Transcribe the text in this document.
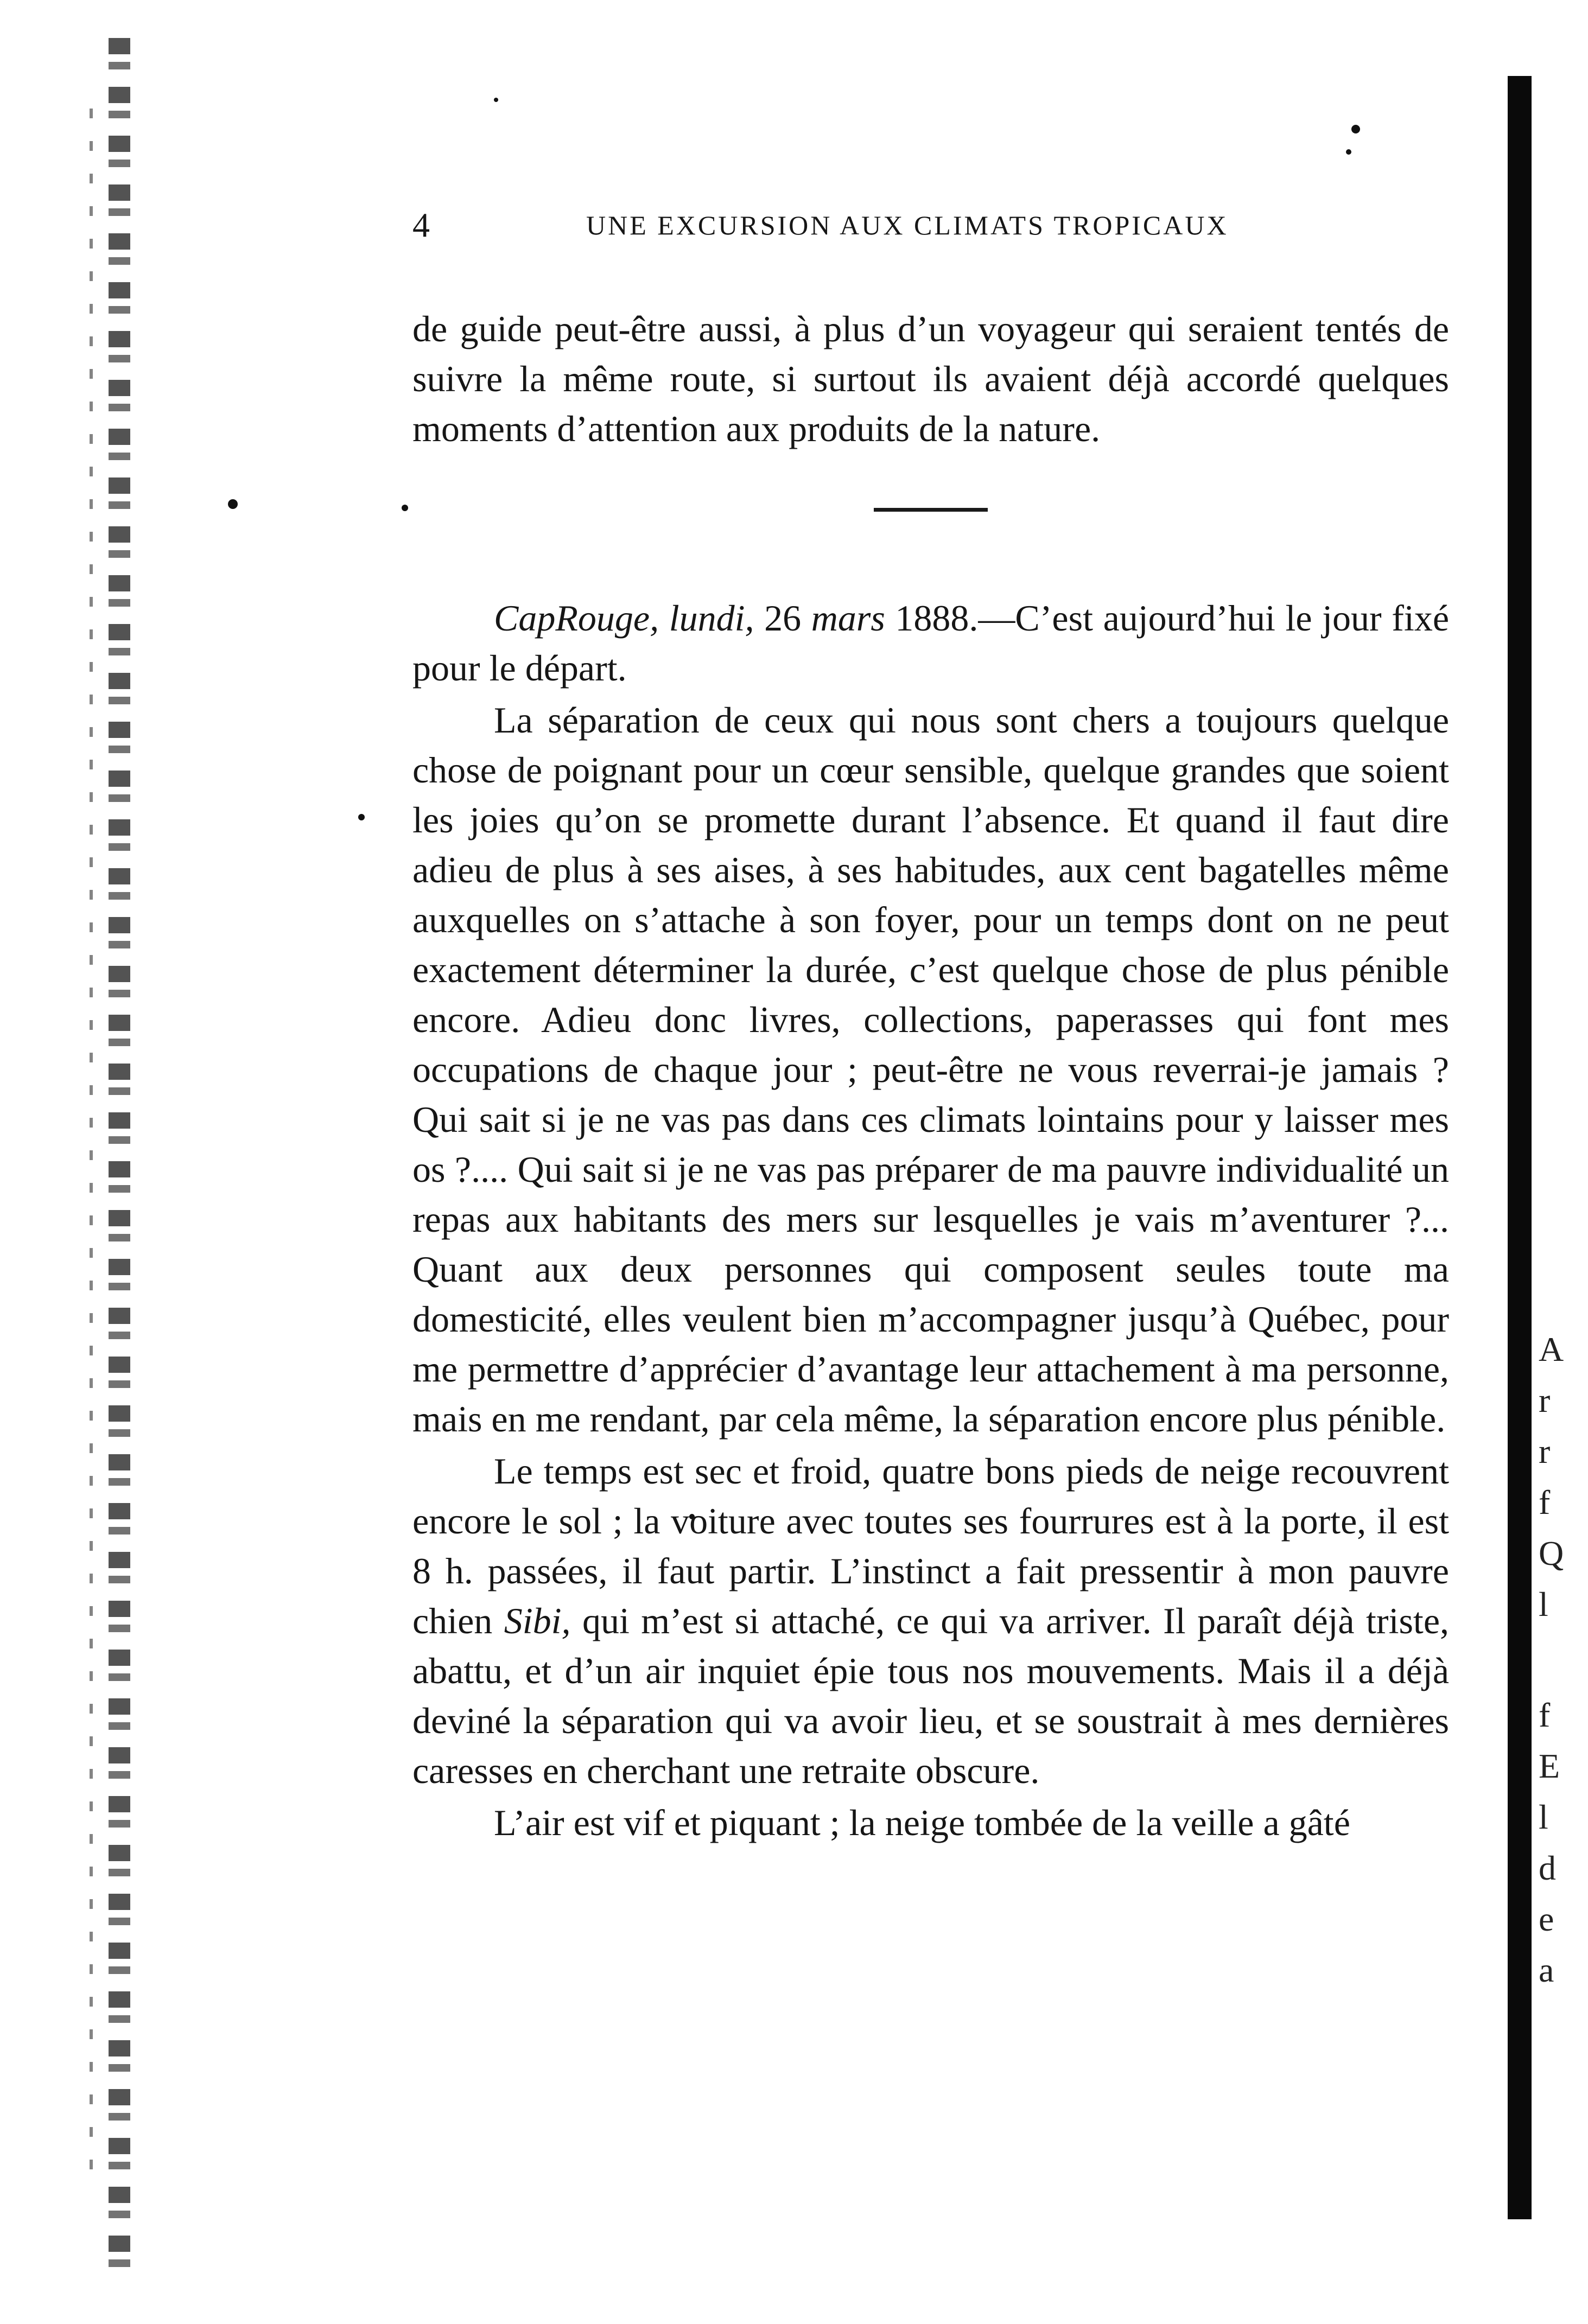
A
r
r
f
Q
l
f
E
l
d
e
a
4	UNE EXCURSION AUX CLIMATS TROPICAUX

de guide peut-être aussi, à plus d’un voyageur qui seraient tentés de suivre la même route, si surtout ils avaient déjà accordé quelques moments d’attention aux produits de la nature.

CapRouge, lundi, 26 mars 1888.—C’est aujourd’hui le jour fixé pour le départ.

La séparation de ceux qui nous sont chers a toujours quelque chose de poignant pour un cœur sensible, quelque grandes que soient les joies qu’on se promette durant l’absence. Et quand il faut dire adieu de plus à ses aises, à ses habitudes, aux cent bagatelles même auxquelles on s’attache à son foyer, pour un temps dont on ne peut exactement déterminer la durée, c’est quelque chose de plus pénible encore. Adieu donc livres, collections, paperasses qui font mes occupations de chaque jour ; peut-être ne vous reverrai-je jamais ? Qui sait si je ne vas pas dans ces climats lointains pour y laisser mes os ?.... Qui sait si je ne vas pas préparer de ma pauvre individualité un repas aux habitants des mers sur lesquelles je vais m’aventurer ?... Quant aux deux personnes qui composent seules toute ma domesticité, elles veulent bien m’accompagner jusqu’à Québec, pour me permettre d’apprécier d’avantage leur attachement à ma personne, mais en me rendant, par cela même, la séparation encore plus pénible.

Le temps est sec et froid, quatre bons pieds de neige recouvrent encore le sol ; la voiture avec toutes ses fourrures est à la porte, il est 8 h. passées, il faut partir. L’instinct a fait pressentir à mon pauvre chien Sibi, qui m’est si attaché, ce qui va arriver. Il paraît déjà triste, abattu, et d’un air inquiet épie tous nos mouvements. Mais il a déjà deviné la séparation qui va avoir lieu, et se soustrait à mes dernières caresses en cherchant une retraite obscure.

L’air est vif et piquant ; la neige tombée de la veille a gâté
